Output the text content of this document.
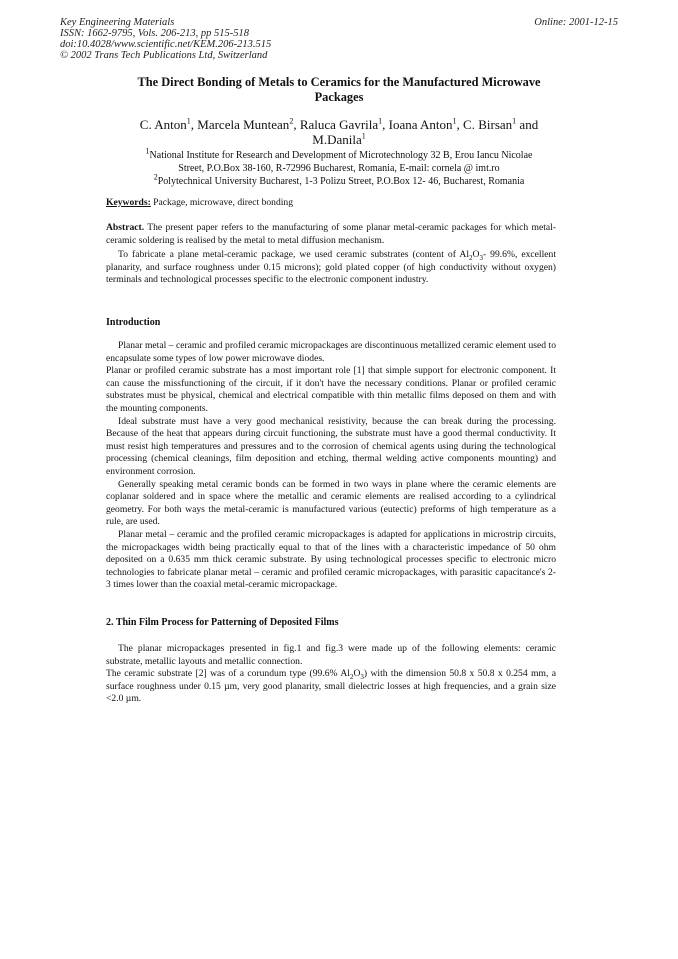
Key Engineering Materials
ISSN: 1662-9795, Vols. 206-213, pp 515-518
doi:10.4028/www.scientific.net/KEM.206-213.515
© 2002 Trans Tech Publications Ltd, Switzerland
Online: 2001-12-15
The Direct Bonding of Metals to Ceramics for the Manufactured Microwave
Packages
C. Anton$^1$, Marcela Muntean$^2$, Raluca Gavrila$^1$, Ioana Anton$^1$, C. Birsan$^1$ and
M.Danila$^1$
$^1$National Institute for Research and Development of Microtechnology 32 B, Erou Iancu Nicolae
Street, P.O.Box 38-160, R-72996 Bucharest, Romania, E-mail: cornela @ imt.ro
$^2$Polytechnical University Bucharest, 1-3 Polizu Street, P.O.Box 12- 46, Bucharest, Romania

Keywords: Package, microwave, direct bonding

Abstract. The present paper refers to the manufacturing of some planar metal-ceramic packages for which metal-ceramic soldering is realised by the metal to metal diffusion mechanism.

To fabricate a plane metal-ceramic package, we used ceramic substrates (content of $Al_2O_3-$ 99.6%, excellent planarity, and surface roughness under 0.15 microns); gold plated copper (of high conductivity without oxygen) terminals and technological processes specific to the electronic component industry.

Introduction

Planar metal – ceramic and profiled ceramic micropackages are discontinuous metallized ceramic element used to encapsulate some types of low power microwave diodes.

Planar or profiled ceramic substrate has a most important role [1] that simple support for electronic component. It can cause the missfunctioning of the circuit, if it don't have the necessary conditions. Planar or profiled ceramic substrates must be physical, chemical and electrical compatible with thin metallic films deposed on them and with the mounting components.

Ideal substrate must have a very good mechanical resistivity, because the can break during the processing. Because of the heat that appears during circuit functioning, the substrate must have a good thermal conductivity. It must resist high temperatures and pressures and to the corrosion of chemical agents using during the technological processing (chemical cleanings, film deposition and etching, thermal welding active components mounting) and environment corrosion.

Generally speaking metal ceramic bonds can be formed in two ways in plane where the ceramic elements are coplanar soldered and in space where the metallic and ceramic elements are realised according to a cylindrical geometry. For both ways the metal-ceramic is manufactured various (eutectic) preforms of high temperature as a rule, are used.

Planar metal – ceramic and the profiled ceramic micropackages is adapted for applications in microstrip circuits, the micropackages width being practically equal to that of the lines with a characteristic impedance of 50 ohm deposited on a 0.635 mm thick ceramic substrate. By using technological processes specific to electronic micro technologies to fabricate planar metal – ceramic and profiled ceramic micropackages, with parasitic capacitance's 2-3 times lower than the coaxial metal-ceramic micropackage.

2. Thin Film Process for Patterning of Deposited Films

The planar micropackages presented in fig.1 and fig.3 were made up of the following elements: ceramic substrate, metallic layouts and metallic connection.

The ceramic substrate [2] was of a corundum type (99.6% $Al_2O_3$) with the dimension 50.8 x 50.8 x 0.254 mm, a surface roughness under 0.15 µm, very good planarity, small dielectric losses at high frequencies, and a grain size <2.0 µm.
